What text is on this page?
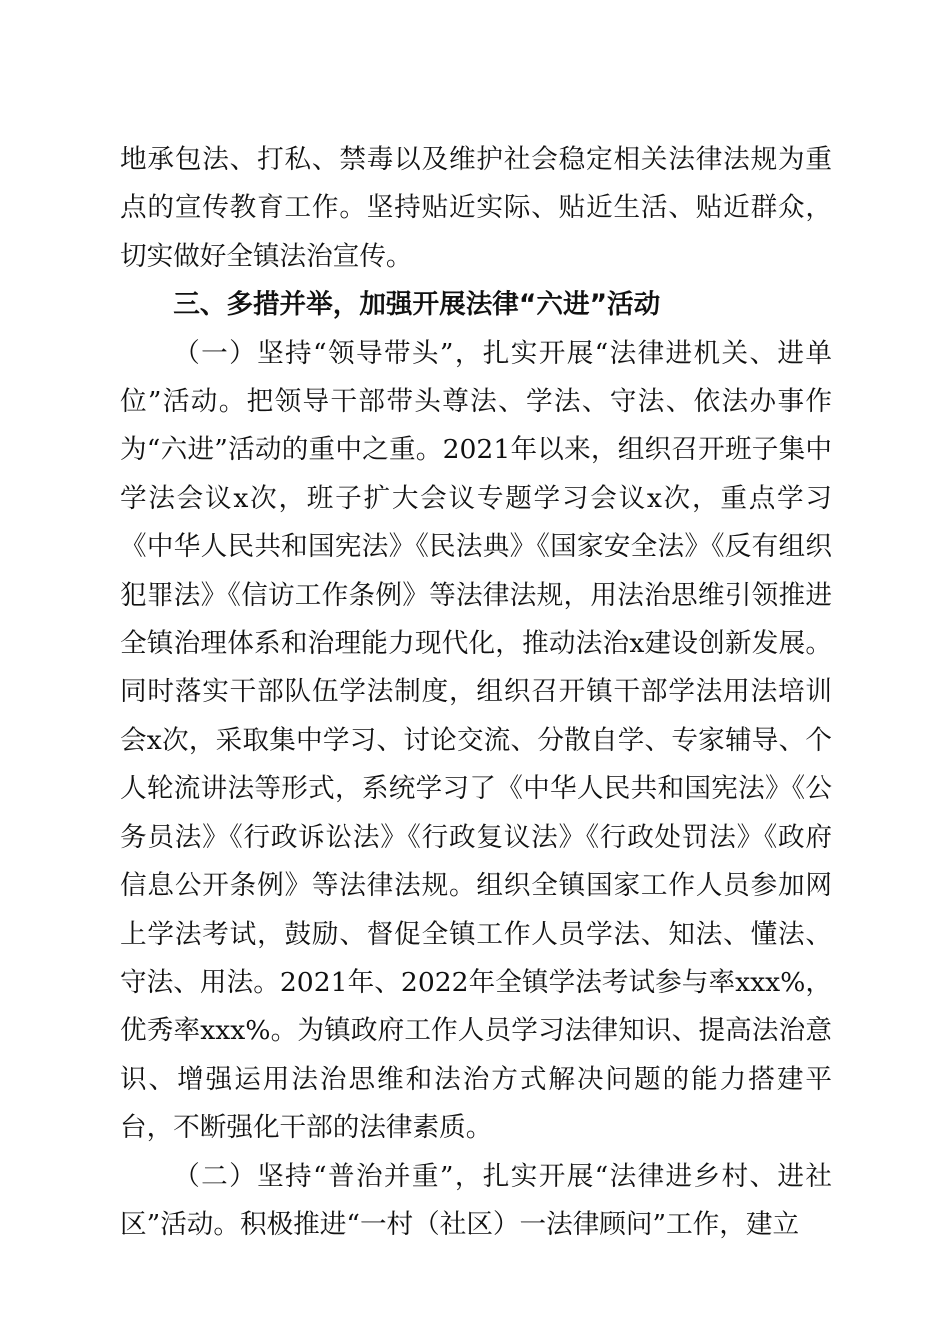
地承包法、打私、禁毒以及维护社会稳定相关法律法规为重点的宣传教育工作。坚持贴近实际、贴近生活、贴近群众，切实做好全镇法治宣传。

三、多措并举，加强开展法律“六进”活动

（一）坚持“领导带头”，扎实开展“法律进机关、进单位”活动。把领导干部带头尊法、学法、守法、依法办事作为“六进”活动的重中之重。2021年以来，组织召开班子集中学法会议x次，班子扩大会议专题学习会议x次，重点学习《中华人民共和国宪法》《民法典》《国家安全法》《反有组织犯罪法》《信访工作条例》等法律法规，用法治思维引领推进全镇治理体系和治理能力现代化，推动法治x建设创新发展。同时落实干部队伍学法制度，组织召开镇干部学法用法培训会x次，采取集中学习、讨论交流、分散自学、专家辅导、个人轮流讲法等形式，系统学习了《中华人民共和国宪法》《公务员法》《行政诉讼法》《行政复议法》《行政处罚法》《政府信息公开条例》等法律法规。组织全镇国家工作人员参加网上学法考试，鼓励、督促全镇工作人员学法、知法、懂法、守法、用法。2021年、2022年全镇学法考试参与率xxx%，优秀率xxx%。为镇政府工作人员学习法律知识、提高法治意识、增强运用法治思维和法治方式解决问题的能力搭建平台，不断强化干部的法律素质。

（二）坚持“普治并重”，扎实开展“法律进乡村、进社区”活动。积极推进“一村（社区）一法律顾问”工作，建立
